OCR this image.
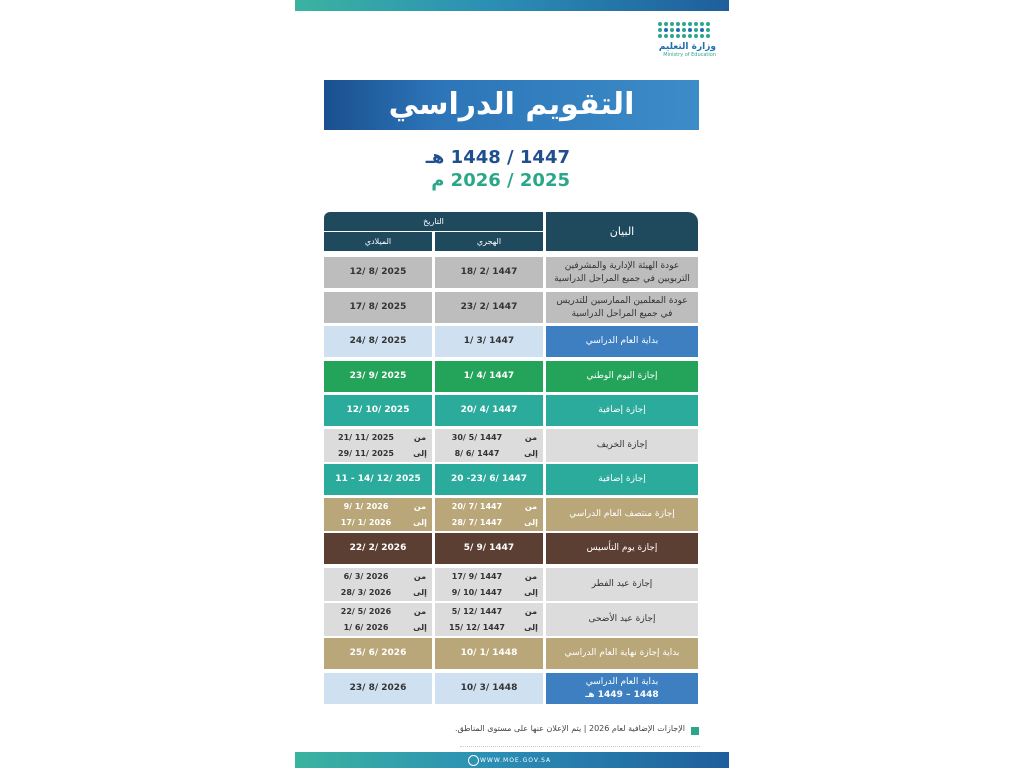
وزارة التعليم
Ministry of Education
التقويم الدراسي
1447 / 1448 هـ
2025 / 2026 م
التاريخ
الميلادي	الهجري
البيان
عودة الهيئة الإدارية والمشرفين التربويين في جميع المراحل الدراسية
18/ 2/ 1447
12/ 8/ 2025
عودة المعلمين الممارسين للتدريس في جميع المراحل الدراسية
23/ 2/ 1447
17/ 8/ 2025
بداية العام الدراسي
1/ 3/ 1447
24/ 8/ 2025
إجازة اليوم الوطني
1/ 4/ 1447
23/ 9/ 2025
إجازة إضافية
20/ 4/ 1447
12/ 10/ 2025
إجازة الخريف
من
30/ 5/ 1447
إلى
8/ 6/ 1447
من
21/ 11/ 2025
إلى
29/ 11/ 2025
إجازة إضافية
20 -23/ 6/ 1447
11 - 14/ 12/ 2025
إجازة منتصف العام الدراسي
من
20/ 7/ 1447
إلى
28/ 7/ 1447
من
9/ 1/ 2026
إلى
17/ 1/ 2026
إجازة يوم التأسيس
5/ 9/ 1447
22/ 2/ 2026
إجازة عيد الفطر
من
17/ 9/ 1447
إلى
9/ 10/ 1447
من
6/ 3/ 2026
إلى
28/ 3/ 2026
إجازة عيد الأضحى
من
5/ 12/ 1447
إلى
15/ 12/ 1447
من
22/ 5/ 2026
إلى
1/ 6/ 2026
بداية إجازة نهاية العام الدراسي
10/ 1/ 1448
25/ 6/ 2026
بداية العام الدراسي
1448 – 1449 هـ
10/ 3/ 1448
23/ 8/ 2026
الإجازات الإضافية لعام 2026 | يتم الإعلان عنها على مستوى المناطق.
WWW.MOE.GOV.SA
